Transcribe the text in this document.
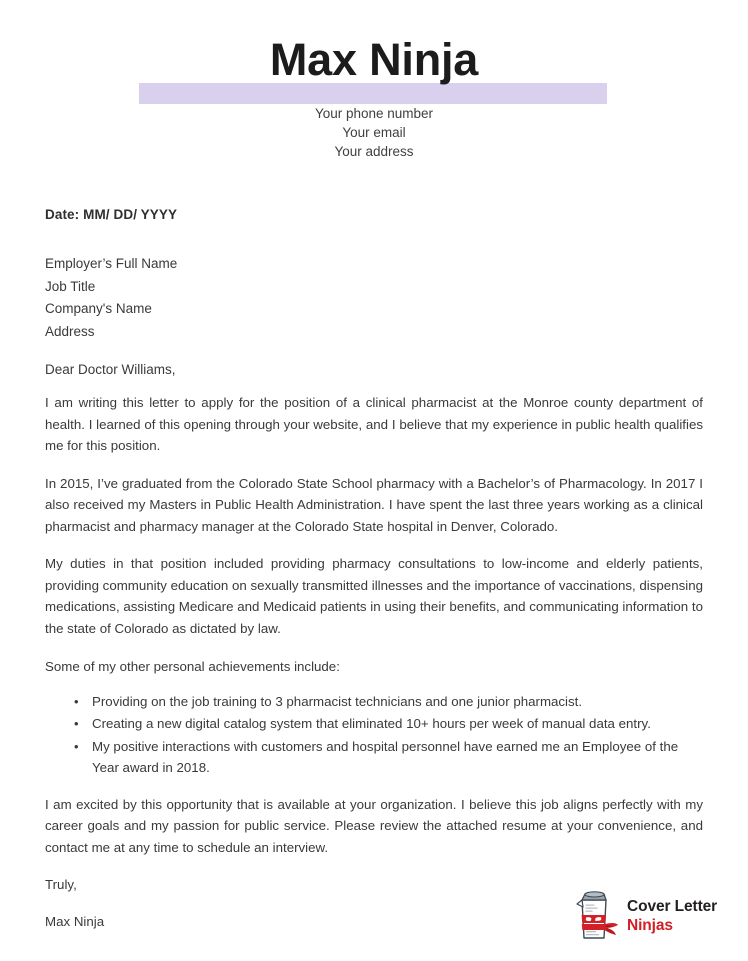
Max Ninja
Your phone number
Your email
Your address
Date: MM/ DD/ YYYY
Employer’s Full Name
Job Title
Company's Name
Address
Dear Doctor Williams,

I am writing this letter to apply for the position of a clinical pharmacist at the Monroe county department of health. I learned of this opening through your website, and I believe that my experience in public health qualifies me for this position.

In 2015, I’ve graduated from the Colorado State School pharmacy with a Bachelor’s of Pharmacology. In 2017 I also received my Masters in Public Health Administration. I have spent the last three years working as a clinical pharmacist and pharmacy manager at the Colorado State hospital in Denver, Colorado.

My duties in that position included providing pharmacy consultations to low-income and elderly patients, providing community education on sexually transmitted illnesses and the importance of vaccinations, dispensing medications, assisting Medicare and Medicaid patients in using their benefits, and communicating information to the state of Colorado as dictated by law.

Some of my other personal achievements include:

• Providing on the job training to 3 pharmacist technicians and one junior pharmacist.
• Creating a new digital catalog system that eliminated 10+ hours per week of manual data entry.
• My positive interactions with customers and hospital personnel have earned me an Employee of the Year award in 2018.

I am excited by this opportunity that is available at your organization. I believe this job aligns perfectly with my career goals and my passion for public service. Please review the attached resume at your convenience, and contact me at any time to schedule an interview.

Truly,

Max Ninja

Cover Letter
Ninjas
